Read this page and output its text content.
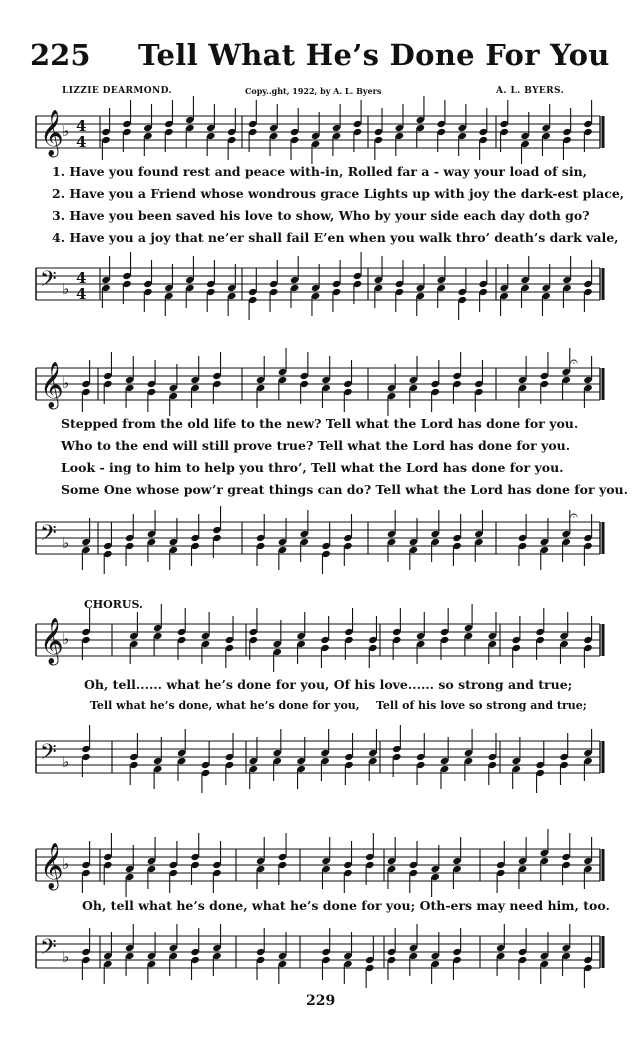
225 Tell What He’s Done For You
LIZZIE DEARMOND.	Copy..ght, 1922, by A. L. Byers	A. L. BYERS.
𝄞
♭ 4
4
1. Have you found rest and peace with-in, Rolled far a - way your load of sin,
2. Have you a Friend whose wondrous grace Lights up with joy the dark-est place,
3. Have you been saved his love to show, Who by your side each day doth go?
4. Have you a joy that ne’er shall fail E’en when you walk thro’ death’s dark vale,
𝄢 ♭
4
4
𝄞
♭
𝄐
Stepped from the old life to the new? Tell what the Lord has done for you.
Who to the end will still prove true? Tell what the Lord has done for you.
Look - ing to him to help you thro’, Tell what the Lord has done for you.
Some One whose pow’r great things can do? Tell what the Lord has done for you.
𝄢 ♭
𝄐
CHORUS.
𝄞
♭
Oh, tell...... what he’s done for you, Of his love...... so strong and true;
Tell what he’s done, what he’s done for you, Tell of his love so strong and true;
𝄢 ♭
𝄞
♭
Oh, tell what he’s done, what he’s done for you; Oth-ers may need him, too.
𝄢 ♭
229
